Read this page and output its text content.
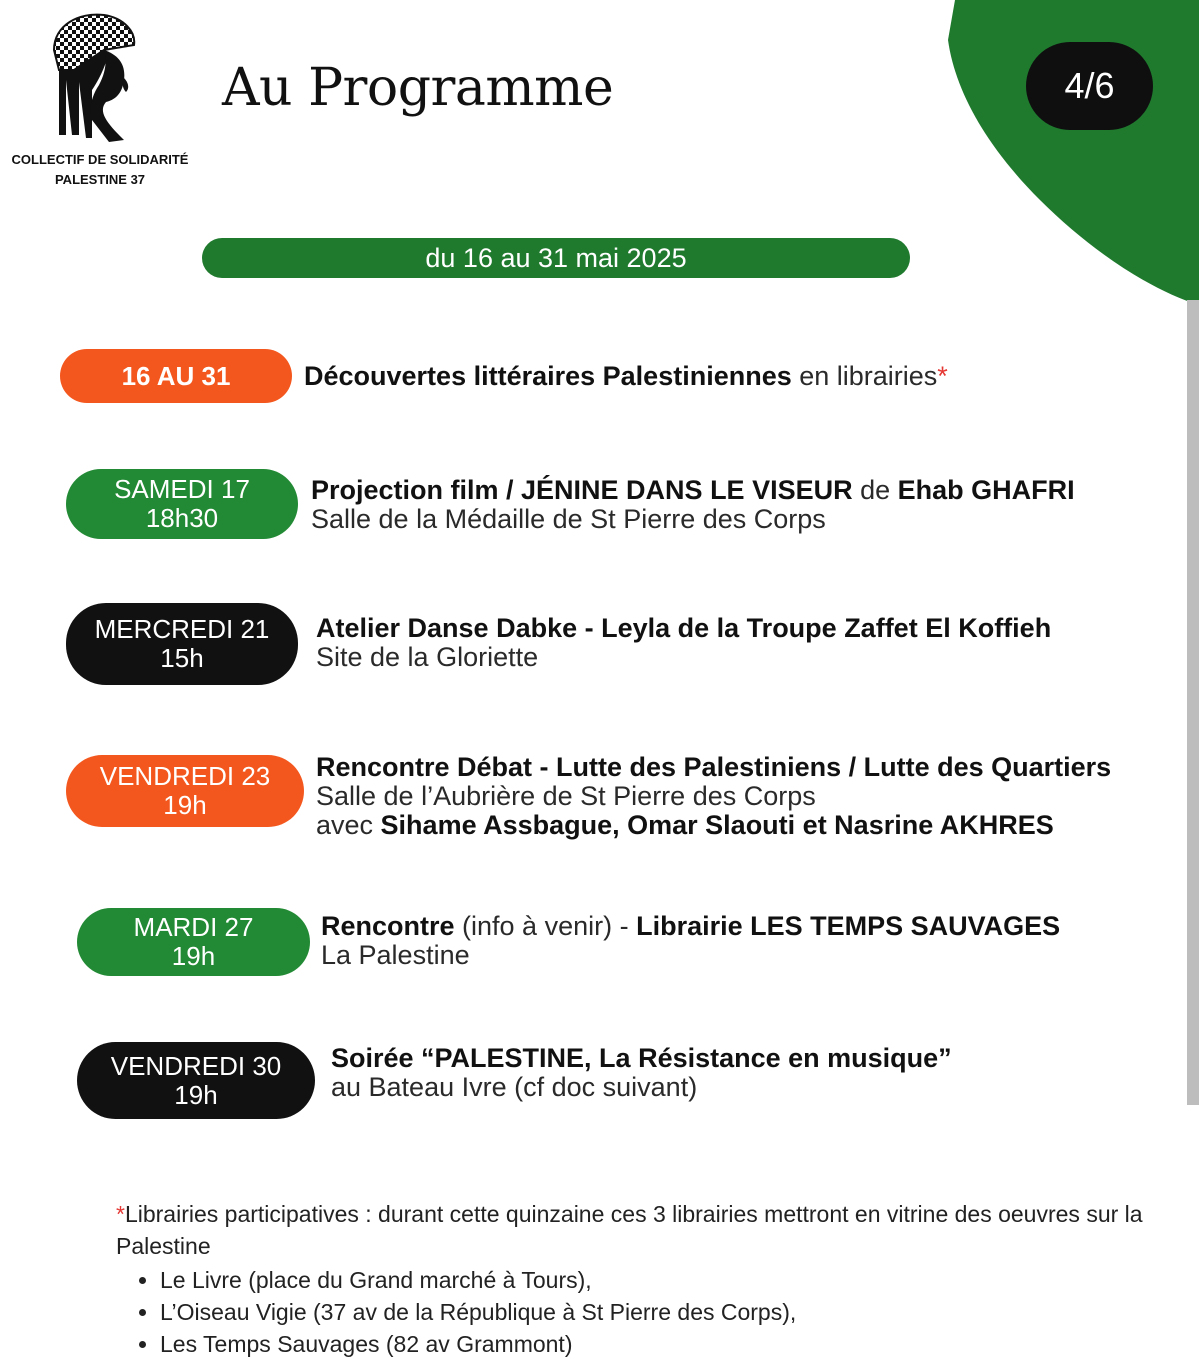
COLLECTIF DE SOLIDARITÉ
PALESTINE 37
Au Programme	4/6
du 16 au 31 mai 2025
16 AU 31	Découvertes littéraires Palestiniennes en librairies*
SAMEDI 17
18h30
Projection film / JÉNINE DANS LE VISEUR de Ehab GHAFRI
Salle de la Médaille de St Pierre des Corps
MERCREDI 21
15h
Atelier Danse Dabke - Leyla de la Troupe Zaffet El Koffieh
Site de la Gloriette
VENDREDI 23
19h
Rencontre Débat - Lutte des Palestiniens / Lutte des Quartiers
Salle de l’Aubrière de St Pierre des Corps
avec Sihame Assbague, Omar Slaouti et Nasrine AKHRES
MARDI 27
19h
Rencontre (info à venir) - Librairie LES TEMPS SAUVAGES
La Palestine
VENDREDI 30
19h
Soirée “PALESTINE, La Résistance en musique”
au Bateau Ivre (cf doc suivant)
*Librairies participatives : durant cette quinzaine ces 3 librairies mettront en vitrine des oeuvres sur la Palestine
• Le Livre (place du Grand marché à Tours),
• L’Oiseau Vigie (37 av de la République à St Pierre des Corps),
• Les Temps Sauvages (82 av Grammont)
